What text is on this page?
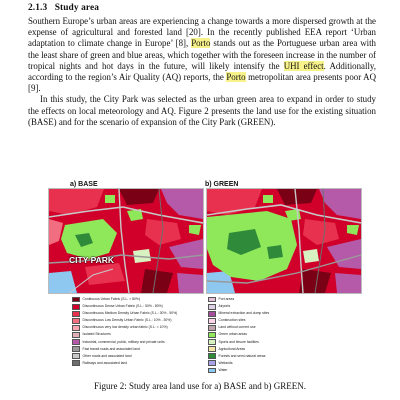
2.1.3 Study area

Southern Europe’s urban areas are experiencing a change towards a more dispersed growth at the expense of agricultural and forested land [20]. In the recently published EEA report ‘Urban adaptation to climate change in Europe’ [8], Porto stands out as the Portuguese urban area with the least share of green and blue areas, which together with the foreseen increase in the number of tropical nights and hot days in the future, will likely intensify the UHI effect. Additionally, according to the region’s Air Quality (AQ) reports, the Porto metropolitan area presents poor AQ [9].

In this study, the City Park was selected as the urban green area to expand in order to study the effects on local meteorology and AQ. Figure 2 presents the land use for the existing situation (BASE) and for the scenario of expansion of the City Park (GREEN).

a) BASE	b) GREEN
CITY PARK
Continuous Urban Fabric (S.L. > 80%)
Discontinuous Dense Urban Fabric (S.L.: 50% - 80%)
Discontinuous Medium Density Urban Fabric (S.L.: 30% - 50%)
Discontinuous Low Density Urban Fabric (S.L.: 10% - 30%)
Discontinuous very low density urban fabric (S.L. < 10%)
Isolated Structures
Industrial, commercial, public, military and private units
Fast transit roads and associated land
Other roads and associated land
Railways and associated land
Port areas
Airports
Mineral extraction and dump sites
Construction sites
Land without current use
Green urban areas
Sports and leisure facilities
Agricultural Areas
Forests and semi-natural areas
Wetlands
Water
Figure 2: Study area land use for a) BASE and b) GREEN.
